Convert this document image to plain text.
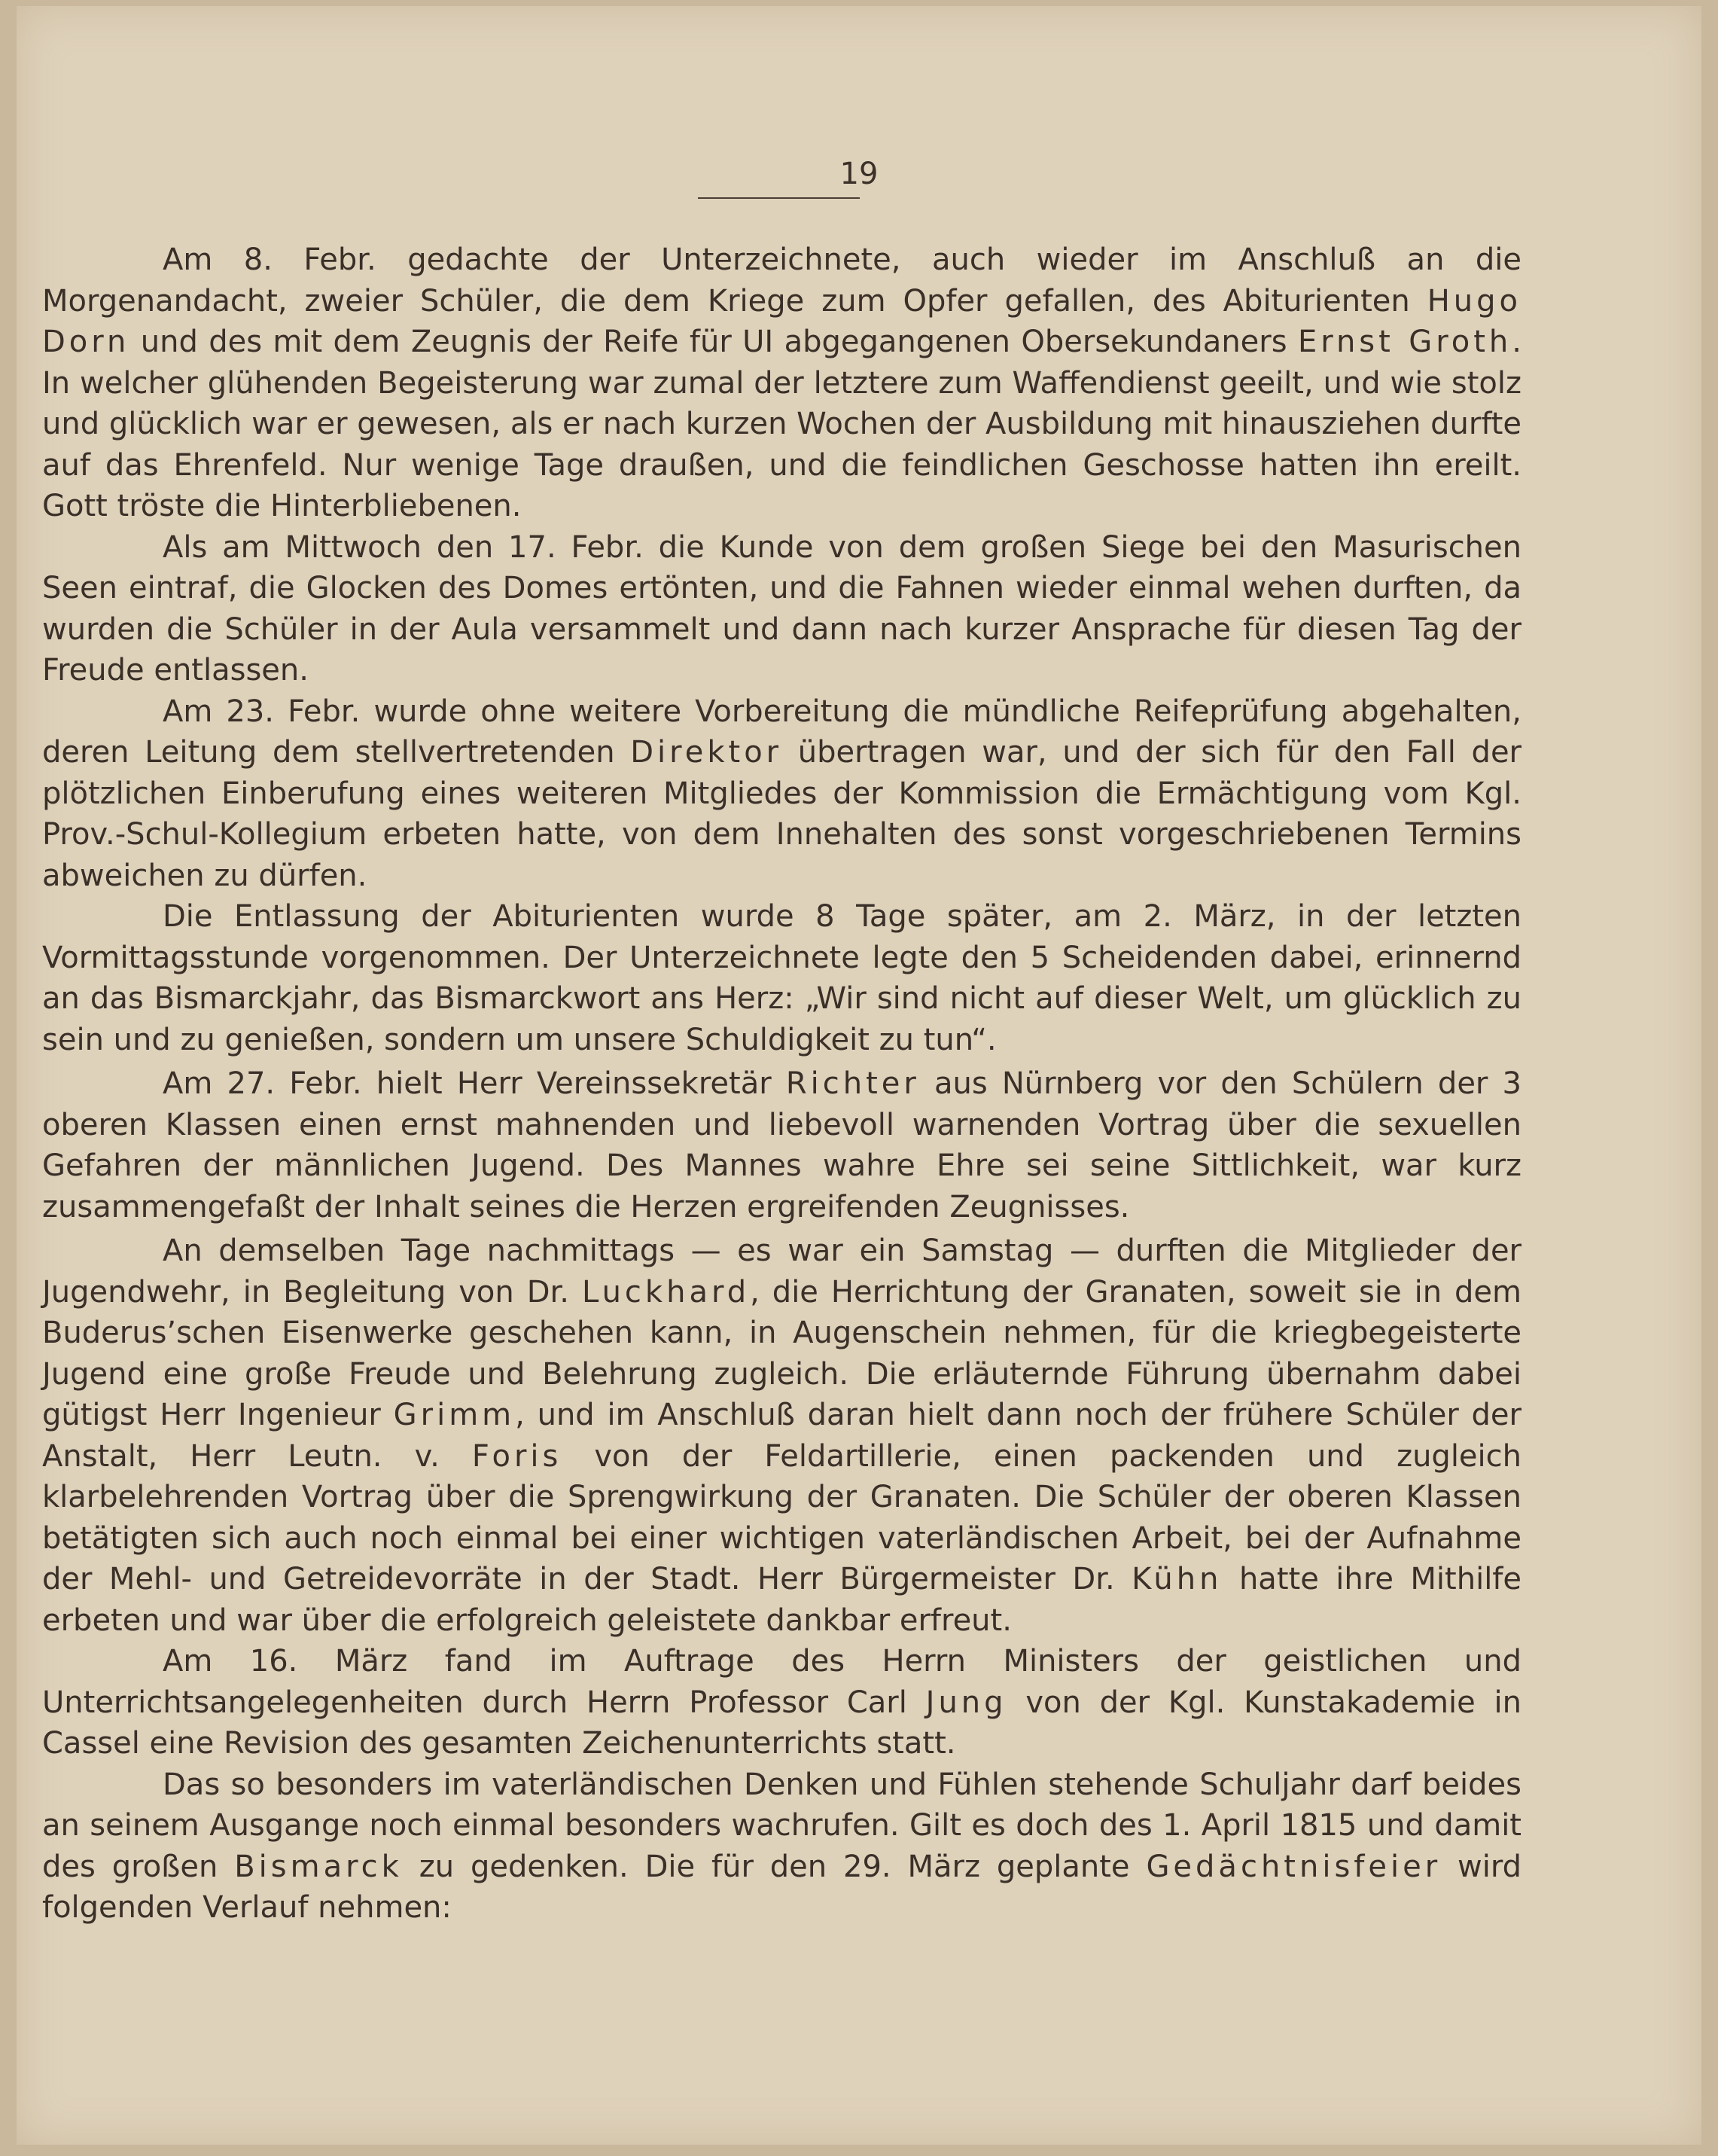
19

Am 8. Febr. gedachte der Unterzeichnete, auch wieder im Anschluß an die Morgenandacht, zweier Schüler, die dem Kriege zum Opfer gefallen, des Abiturienten Hugo Dorn und des mit dem Zeugnis der Reife für UI abgegangenen Obersekundaners Ernst Groth. In welcher glühenden Begeisterung war zumal der letztere zum Waffendienst geeilt, und wie stolz und glücklich war er gewesen, als er nach kurzen Wochen der Ausbildung mit hinausziehen durfte auf das Ehrenfeld. Nur wenige Tage draußen, und die feindlichen Geschosse hatten ihn ereilt. Gott tröste die Hinterbliebenen.

Als am Mittwoch den 17. Febr. die Kunde von dem großen Siege bei den Masurischen Seen eintraf, die Glocken des Domes ertönten, und die Fahnen wieder einmal wehen durften, da wurden die Schüler in der Aula versammelt und dann nach kurzer Ansprache für diesen Tag der Freude entlassen.

Am 23. Febr. wurde ohne weitere Vorbereitung die mündliche Reifeprüfung abgehalten, deren Leitung dem stellvertretenden Direktor übertragen war, und der sich für den Fall der plötzlichen Einberufung eines weiteren Mitgliedes der Kommission die Ermächtigung vom Kgl. Prov.-Schul-Kollegium erbeten hatte, von dem Innehalten des sonst vorgeschriebenen Termins abweichen zu dürfen.

Die Entlassung der Abiturienten wurde 8 Tage später, am 2. März, in der letzten Vormittagsstunde vorgenommen. Der Unterzeichnete legte den 5 Scheidenden dabei, erinnernd an das Bismarckjahr, das Bismarckwort ans Herz: „Wir sind nicht auf dieser Welt, um glücklich zu sein und zu genießen, sondern um unsere Schuldigkeit zu tun“.

Am 27. Febr. hielt Herr Vereinssekretär Richter aus Nürnberg vor den Schülern der 3 oberen Klassen einen ernst mahnenden und liebevoll warnenden Vortrag über die sexuellen Gefahren der männlichen Jugend. Des Mannes wahre Ehre sei seine Sittlichkeit, war kurz zusammengefaßt der Inhalt seines die Herzen ergreifenden Zeugnisses.

An demselben Tage nachmittags — es war ein Samstag — durften die Mitglieder der Jugendwehr, in Begleitung von Dr. Luckhard, die Herrichtung der Granaten, soweit sie in dem Buderus’schen Eisenwerke geschehen kann, in Augenschein nehmen, für die kriegbegeisterte Jugend eine große Freude und Belehrung zugleich. Die erläuternde Führung übernahm dabei gütigst Herr Ingenieur Grimm, und im Anschluß daran hielt dann noch der frühere Schüler der Anstalt, Herr Leutn. v. Foris von der Feldartillerie, einen packenden und zugleich klarbelehrenden Vortrag über die Sprengwirkung der Granaten. Die Schüler der oberen Klassen betätigten sich auch noch einmal bei einer wichtigen vaterländischen Arbeit, bei der Aufnahme der Mehl- und Getreidevorräte in der Stadt. Herr Bürgermeister Dr. Kühn hatte ihre Mithilfe erbeten und war über die erfolgreich geleistete dankbar erfreut.

Am 16. März fand im Auftrage des Herrn Ministers der geistlichen und Unterrichtsangelegenheiten durch Herrn Professor Carl Jung von der Kgl. Kunstakademie in Cassel eine Revision des gesamten Zeichenunterrichts statt.

Das so besonders im vaterländischen Denken und Fühlen stehende Schuljahr darf beides an seinem Ausgange noch einmal besonders wachrufen. Gilt es doch des 1. April 1815 und damit des großen Bismarck zu gedenken. Die für den 29. März geplante Gedächtnisfeier wird folgenden Verlauf nehmen:
